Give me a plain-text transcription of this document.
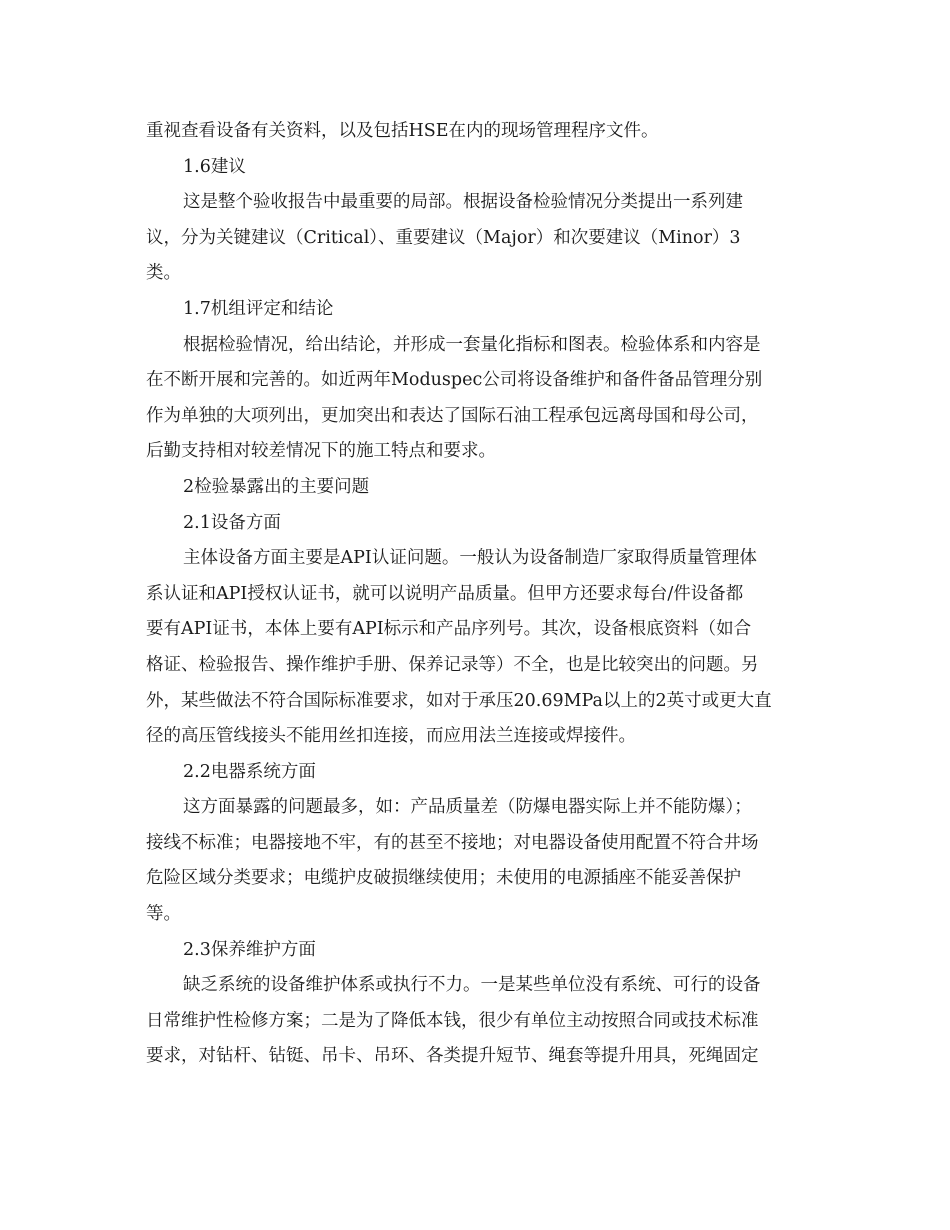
重视查看设备有关资料，以及包括HSE在内的现场管理程序文件。
1.6建议
这是整个验收报告中最重要的局部。根据设备检验情况分类提出一系列建
议，分为关键建议（Critical）、重要建议（Major）和次要建议（Minor）3
类。
1.7机组评定和结论
根据检验情况，给出结论，并形成一套量化指标和图表。检验体系和内容是
在不断开展和完善的。如近两年Moduspec公司将设备维护和备件备品管理分别
作为单独的大项列出，更加突出和表达了国际石油工程承包远离母国和母公司，
后勤支持相对较差情况下的施工特点和要求。
2检验暴露出的主要问题
2.1设备方面
主体设备方面主要是API认证问题。一般认为设备制造厂家取得质量管理体
系认证和API授权认证书，就可以说明产品质量。但甲方还要求每台/件设备都
要有API证书，本体上要有API标示和产品序列号。其次，设备根底资料（如合
格证、检验报告、操作维护手册、保养记录等）不全，也是比较突出的问题。另
外，某些做法不符合国际标准要求，如对于承压20.69MPa以上的2英寸或更大直
径的高压管线接头不能用丝扣连接，而应用法兰连接或焊接件。
2.2电器系统方面
这方面暴露的问题最多，如：产品质量差（防爆电器实际上并不能防爆）；
接线不标准；电器接地不牢，有的甚至不接地；对电器设备使用配置不符合井场
危险区域分类要求；电缆护皮破损继续使用；未使用的电源插座不能妥善保护
等。
2.3保养维护方面
缺乏系统的设备维护体系或执行不力。一是某些单位没有系统、可行的设备
日常维护性检修方案；二是为了降低本钱，很少有单位主动按照合同或技术标准
要求，对钻杆、钻铤、吊卡、吊环、各类提升短节、绳套等提升用具，死绳固定
